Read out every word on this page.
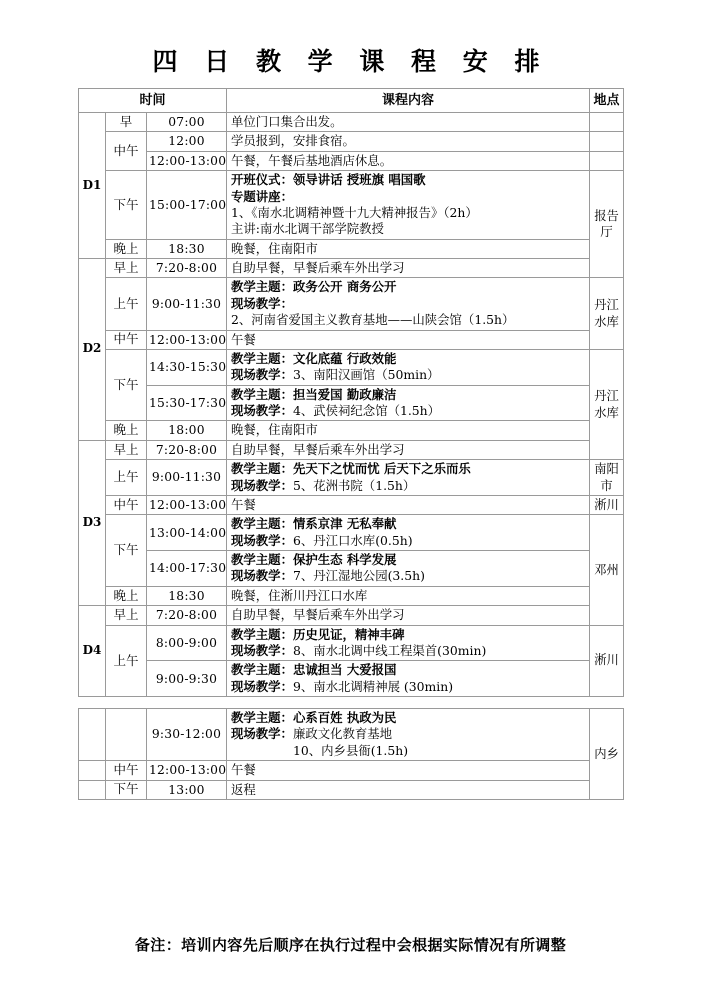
四 日 教 学 课 程 安 排
时间			课程内容	地点
D1	早	07:00	单位门口集合出发。	

	中午	12:00	学员报到，安排食宿。	

		12:00-13:00	午餐，午餐后基地酒店休息。	

	下午	15:00-17:00	开班仪式：领导讲话 授班旗 唱国歌
专题讲座：
1、《南水北调精神暨十九大精神报告》（2h）
主讲:南水北调干部学院教授	报告厅
	晚上	18:30	晚餐，住南阳市	

D2	早上	7:20-8:00	自助早餐，早餐后乘车外出学习	

	上午	9:00-11:30	教学主题：政务公开 商务公开
现场教学：
2、河南省爱国主义教育基地——山陕会馆（1.5h）	丹江水库
	中午	12:00-13:00	午餐	

	下午	14:30-15:30	教学主题：文化底蕴 行政效能
现场教学：3、南阳汉画馆（50min）	丹江水库
		15:30-17:30	教学主题：担当爱国 勤政廉洁
现场教学：4、武侯祠纪念馆（1.5h）	

	晚上	18:00	晚餐，住南阳市	

D3	早上	7:20-8:00	自助早餐，早餐后乘车外出学习	

	上午	9:00-11:30	教学主题：先天下之忧而忧 后天下之乐而乐
现场教学：5、花洲书院（1.5h）	南阳市
	中午	12:00-13:00	午餐	淅川
	下午	13:00-14:00	教学主题：情系京津 无私奉献
现场教学：6、丹江口水库(0.5h)	邓州
		14:00-17:30	教学主题：保护生态 科学发展
现场教学：7、丹江湿地公园(3.5h)	

	晚上	18:30	晚餐，住淅川丹江口水库	

D4	早上	7:20-8:00	自助早餐，早餐后乘车外出学习	

	上午	8:00-9:00	教学主题：历史见证，精神丰碑
现场教学：8、南水北调中线工程渠首(30min)	淅川
		9:00-9:30	教学主题：忠诚担当 大爱报国
现场教学：9、南水北调精神展 (30min)	
		9:30-12:00	教学主题：心系百姓 执政为民
现场教学：廉政文化教育基地
10、内乡县衙(1.5h)	内乡
	中午	12:00-13:00	午餐	

	下午	13:00	返程	
备注：培训内容先后顺序在执行过程中会根据实际情况有所调整
